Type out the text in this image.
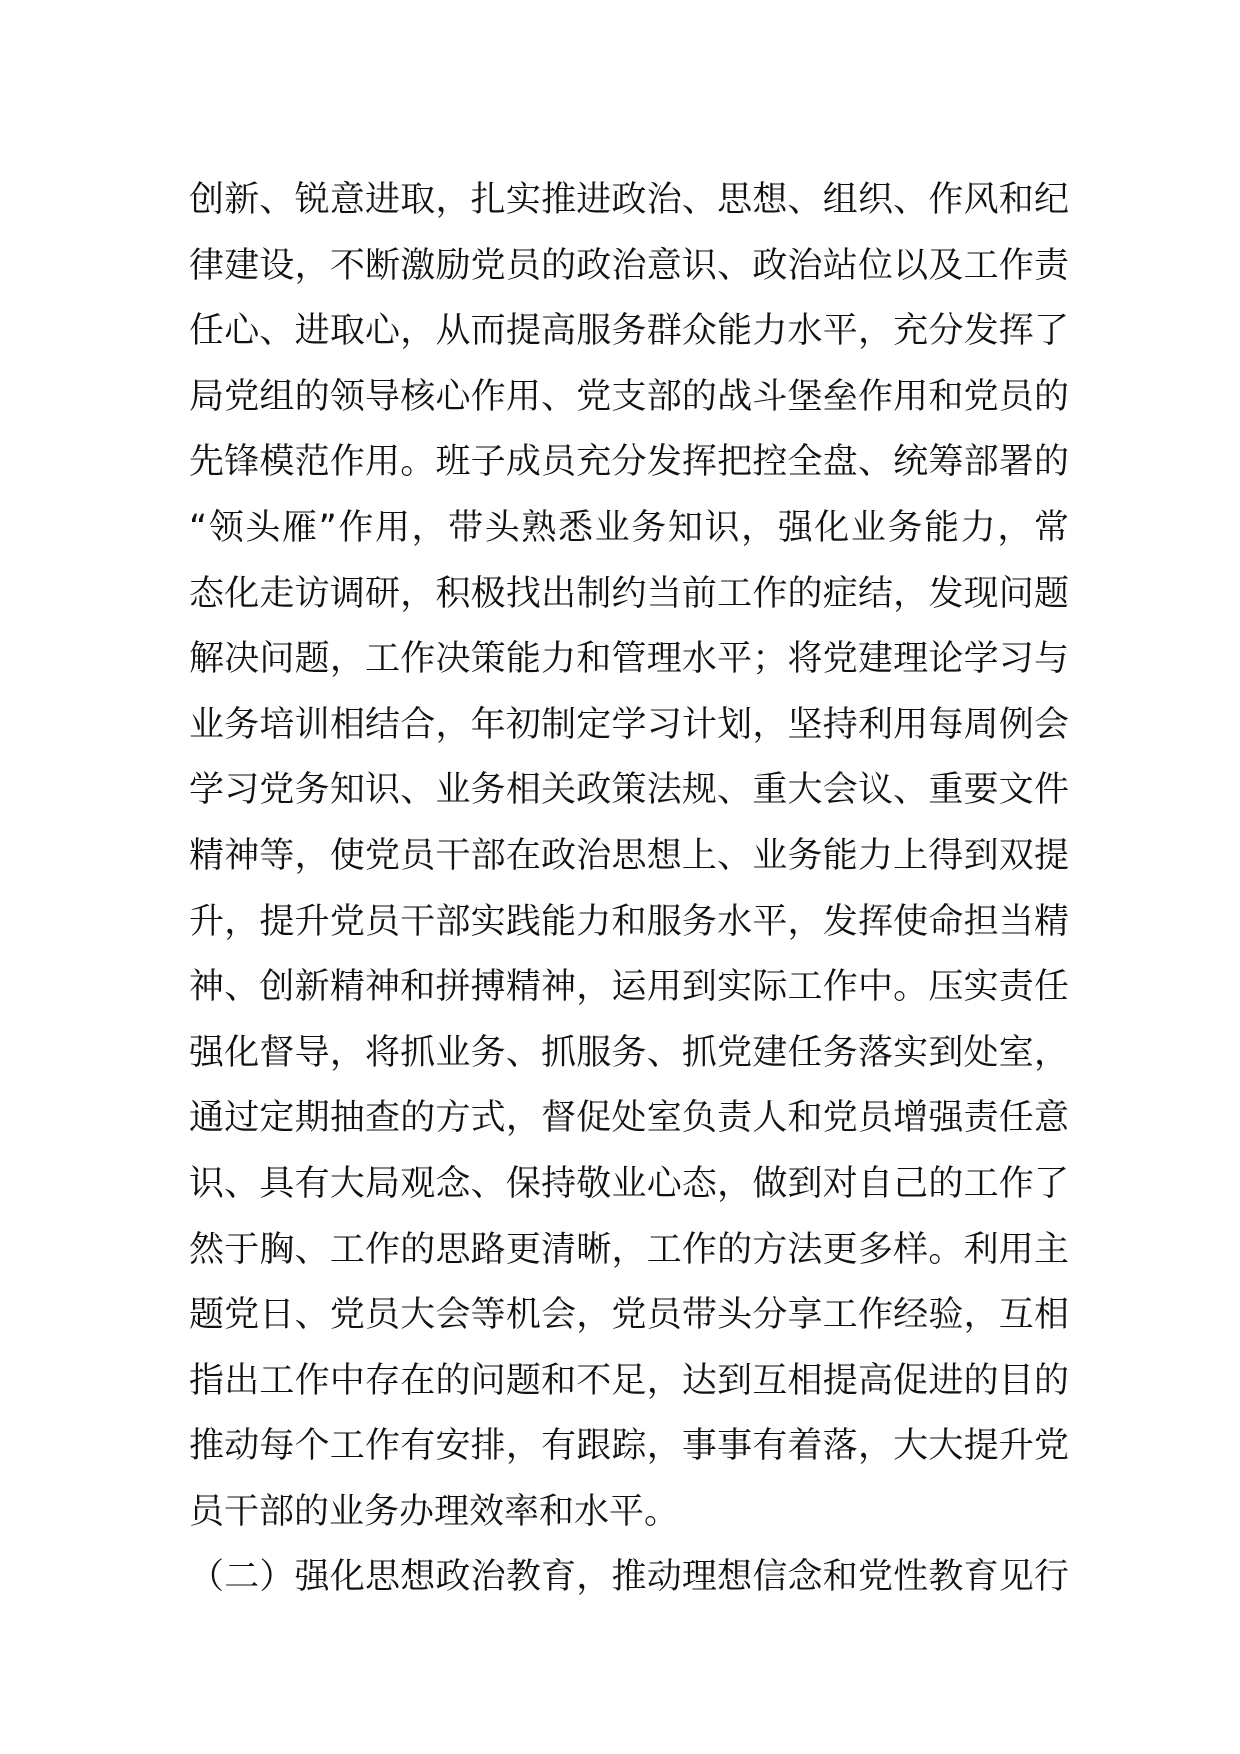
创新、锐意进取，扎实推进政治、思想、组织、作风和纪
律建设，不断激励党员的政治意识、政治站位以及工作责
任心、进取心，从而提高服务群众能力水平，充分发挥了
局党组的领导核心作用、党支部的战斗堡垒作用和党员的
先锋模范作用。班子成员充分发挥把控全盘、统筹部署的
“领头雁”作用，带头熟悉业务知识，强化业务能力，常
态化走访调研，积极找出制约当前工作的症结，发现问题
解决问题，工作决策能力和管理水平；将党建理论学习与
业务培训相结合，年初制定学习计划，坚持利用每周例会
学习党务知识、业务相关政策法规、重大会议、重要文件
精神等，使党员干部在政治思想上、业务能力上得到双提
升，提升党员干部实践能力和服务水平，发挥使命担当精
神、创新精神和拼搏精神，运用到实际工作中。压实责任
强化督导，将抓业务、抓服务、抓党建任务落实到处室，
通过定期抽查的方式，督促处室负责人和党员增强责任意
识、具有大局观念、保持敬业心态，做到对自己的工作了
然于胸、工作的思路更清晰，工作的方法更多样。利用主
题党日、党员大会等机会，党员带头分享工作经验，互相
指出工作中存在的问题和不足，达到互相提高促进的目的
推动每个工作有安排，有跟踪，事事有着落，大大提升党
员干部的业务办理效率和水平。
（二）强化思想政治教育，推动理想信念和党性教育见行
